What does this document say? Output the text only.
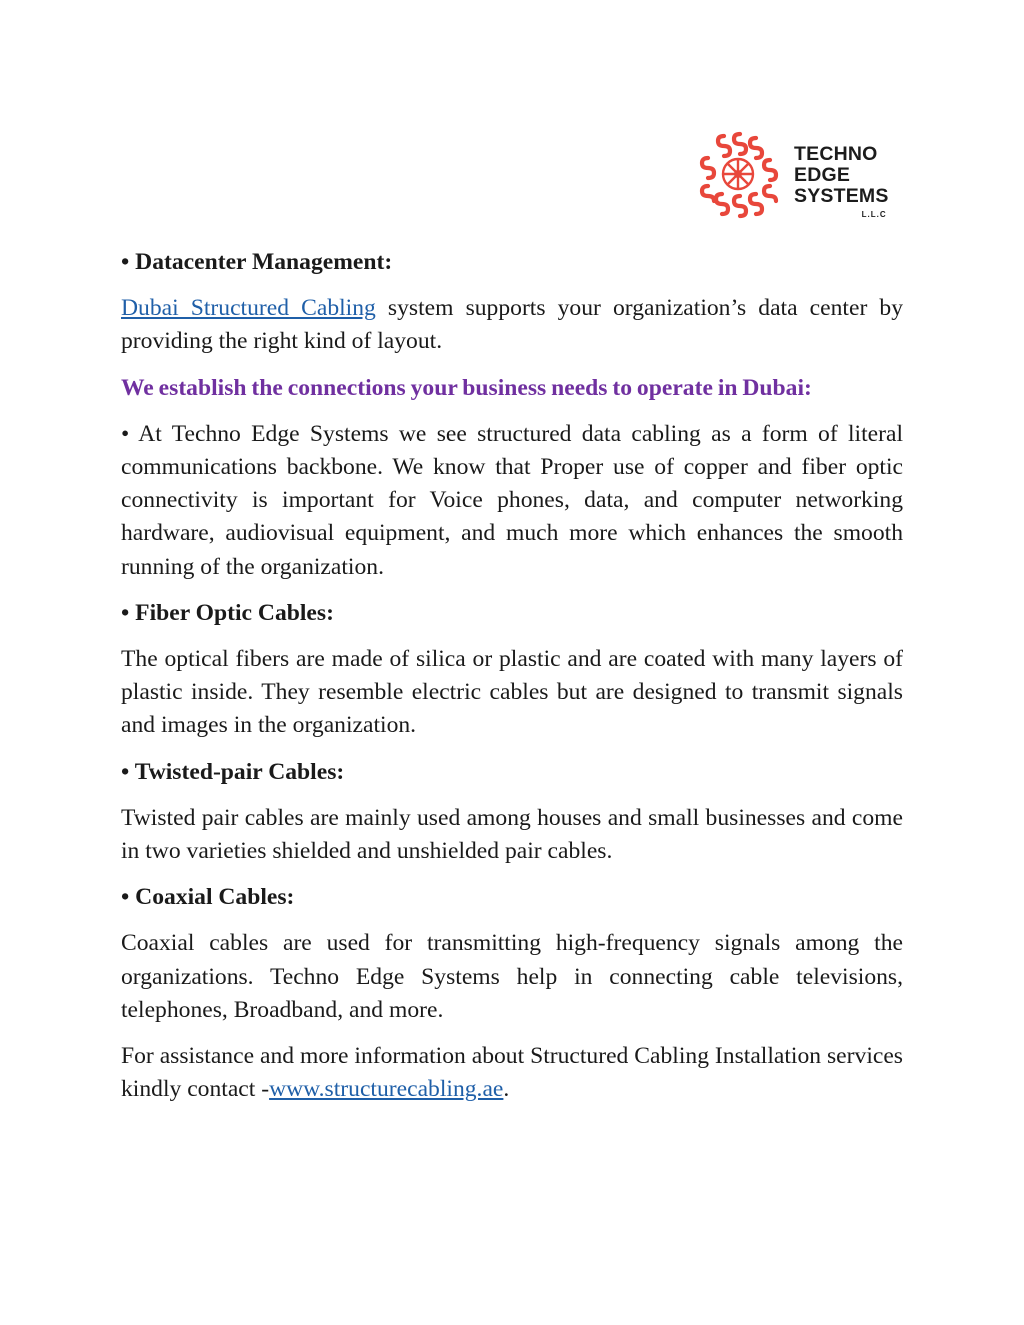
TECHNO
EDGE
SYSTEMS
L.L.C
• Datacenter Management:

Dubai Structured Cabling system supports your organization’s data center by providing the right kind of layout.

We establish the connections your business needs to operate in Dubai:

• At Techno Edge Systems we see structured data cabling as a form of literal communications backbone. We know that Proper use of copper and fiber optic connectivity is important for Voice phones, data, and computer networking hardware, audiovisual equipment, and much more which enhances the smooth running of the organization.

• Fiber Optic Cables:

The optical fibers are made of silica or plastic and are coated with many layers of plastic inside. They resemble electric cables but are designed to transmit signals and images in the organization.

• Twisted-pair Cables:

Twisted pair cables are mainly used among houses and small businesses and come in two varieties shielded and unshielded pair cables.

• Coaxial Cables:

Coaxial cables are used for transmitting high-frequency signals among the organizations. Techno Edge Systems help in connecting cable televisions, telephones, Broadband, and more.

For assistance and more information about Structured Cabling Installation services kindly contact -www.structurecabling.ae.
